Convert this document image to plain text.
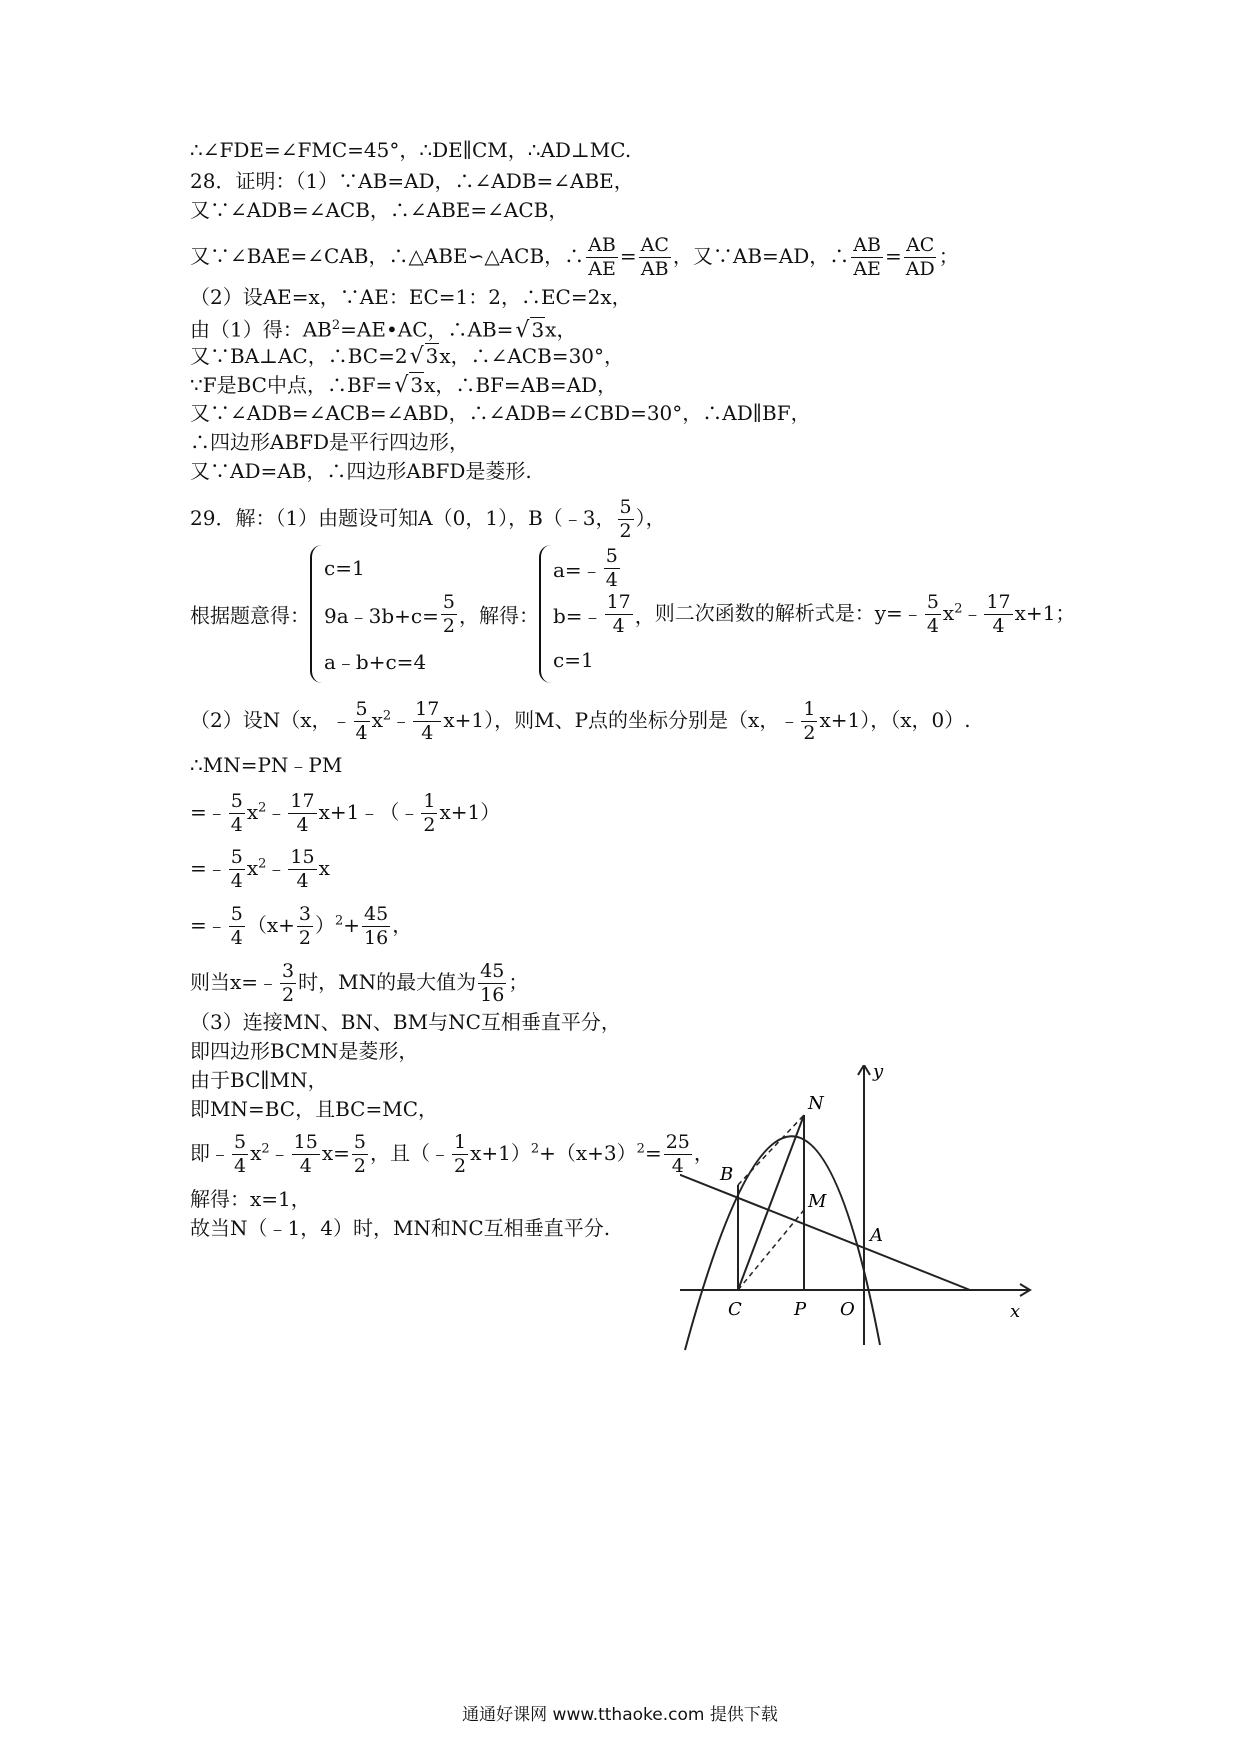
∴∠FDE=∠FMC=45°，∴DE∥CM，∴AD⊥MC.
28．证明：（1）∵AB=AD，∴∠ADB=∠ABE，
又∵∠ADB=∠ACB，∴∠ABE=∠ACB，
又∵∠BAE=∠CAB，∴△ABE∽△ACB，∴ $\frac{AB}{AE} = \frac{AC}{AB}$ ，又∵AB=AD，∴ $\frac{AB}{AE} = \frac{AC}{AD}$ ；
（2）设AE=x，∵AE：EC=1：2，∴EC=2x，
由（1）得：$AB^2=AE•AC$，∴AB=√ 3x，
又∵BA⊥AC，∴BC=2√ 3x，∴∠ACB=30°，
∵F是BC中点，∴BF=√ 3x，∴BF=AB=AD，
又∵∠ADB=∠ACB=∠ABD，∴∠ADB=∠CBD=30°，∴AD∥BF，
∴四边形ABFD是平行四边形，
又∵AD=AB，∴四边形ABFD是菱形.
29．解：（1）由题设可知A（0，1），B（﹣3， $\frac{5}{2}$ ），
根据题意得：
c=1
9a﹣3b+c= $\frac{5}{2}$ ，
a﹣b+c=4
解得：
a=﹣ $\frac{5}{4}$
b=﹣ $\frac{17}{4}$ ，
c=1
则二次函数的解析式是：y=﹣ $\frac{5}{4}$ $x^2﹣ \frac{17}{4} x+1$；
（2）设N（x，﹣ $\frac{5}{4}$ $x^2﹣ \frac{17}{4} x+1$），则M、P点的坐标分别是（x，﹣ $\frac{1}{2} x+1$），（x，0）.
∴MN=PN﹣PM
=﹣ $\frac{5}{4}$ $x^2﹣ \frac{17}{4}$ x+1﹣（﹣ $\frac{1}{2} x+1$）
=﹣ $\frac{5}{4}$ $x^2﹣ \frac{15}{4}$ x
=﹣ $\frac{5}{4} (x+ \frac{3}{2} )^2+ \frac{45}{16}$ ，
则当x=﹣ $\frac{3}{2}$ 时，MN的最大值为 $\frac{45}{16}$ ；
（3）连接MN、BN、BM与NC互相垂直平分，
即四边形BCMN是菱形，
由于BC∥MN，
即MN=BC，且BC=MC，
即﹣ $\frac{5}{4}$ $x^2﹣ \frac{15}{4} x= \frac{5}{2}$ ，且（﹣ $\frac{1}{2} x+1)^2+(x+3)^2= \frac{25}{4}$ ，
解得：x=1，
故当N（﹣1，4）时，MN和NC互相垂直平分.
y
x
N
B
M
A
C	P O
通通好课网 www.tthaoke.com 提供下载
